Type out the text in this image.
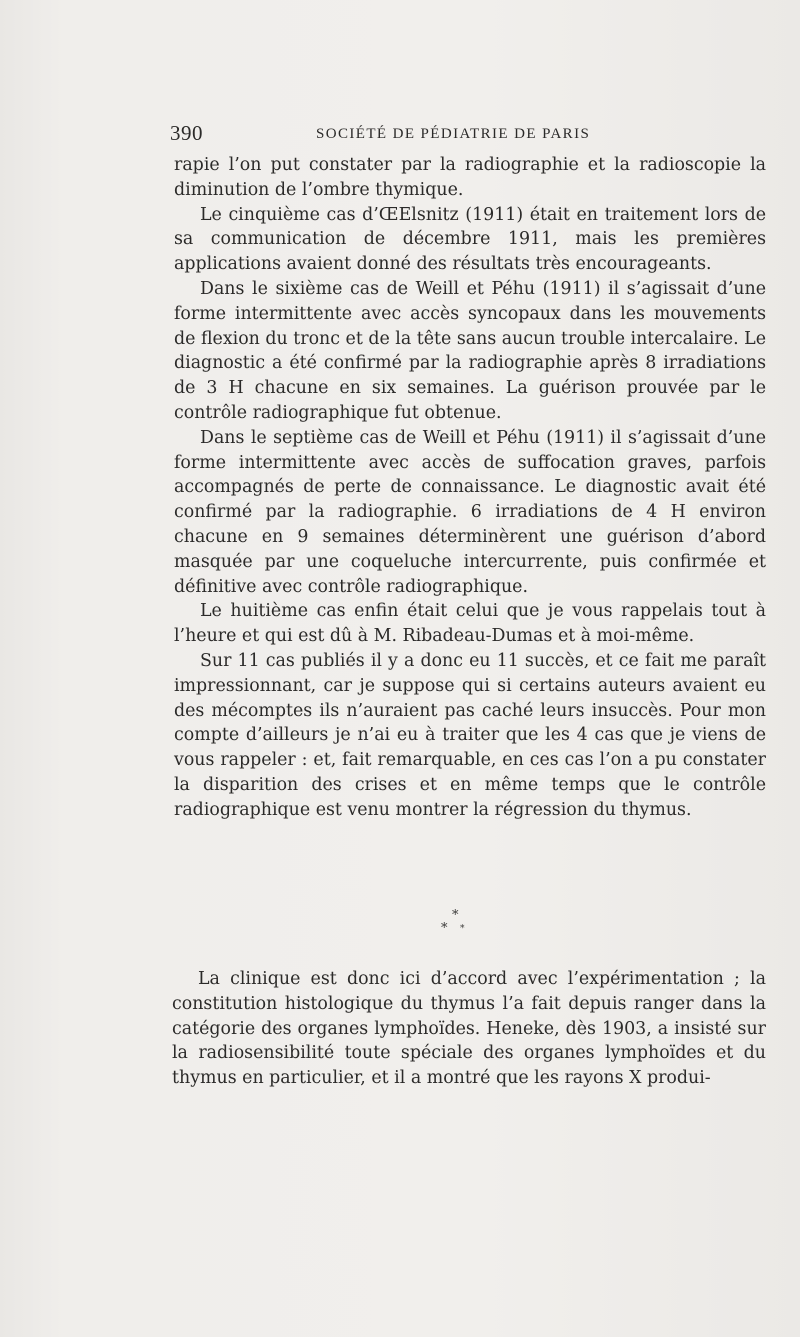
390	SOCIÉTÉ DE PÉDIATRIE DE PARIS

rapie l’on put constater par la radiographie et la radioscopie la diminution de l’ombre thymique.

Le cinquième cas d’ŒElsnitz (1911) était en traitement lors de sa communication de décembre 1911, mais les premières applications avaient donné des résultats très encourageants.

Dans le sixième cas de Weill et Péhu (1911) il s’agissait d’une forme intermittente avec accès syncopaux dans les mouvements de flexion du tronc et de la tête sans aucun trouble intercalaire. Le diagnostic a été confirmé par la radiographie après 8 irradiations de 3 H chacune en six semaines. La guérison prouvée par le contrôle radiographique fut obtenue.

Dans le septième cas de Weill et Péhu (1911) il s’agissait d’une forme intermittente avec accès de suffocation graves, parfois accompagnés de perte de connaissance. Le diagnostic avait été confirmé par la radiographie. 6 irradiations de 4 H environ chacune en 9 semaines déterminèrent une guérison d’abord masquée par une coqueluche intercurrente, puis confirmée et définitive avec contrôle radiographique.

Le huitième cas enfin était celui que je vous rappelais tout à l’heure et qui est dû à M. Ribadeau-Dumas et à moi-même.

Sur 11 cas publiés il y a donc eu 11 succès, et ce fait me paraît impressionnant, car je suppose qui si certains auteurs avaient eu des mécomptes ils n’auraient pas caché leurs insuccès. Pour mon compte d’ailleurs je n’ai eu à traiter que les 4 cas que je viens de vous rappeler : et, fait remarquable, en ces cas l’on a pu constater la disparition des crises et en même temps que le contrôle radiographique est venu montrer la régression du thymus.

*
* *

La clinique est donc ici d’accord avec l’expérimentation ; la constitution histologique du thymus l’a fait depuis ranger dans la catégorie des organes lymphoïdes. Heneke, dès 1903, a insisté sur la radiosensibilité toute spéciale des organes lymphoïdes et du thymus en particulier, et il a montré que les rayons X produi-
